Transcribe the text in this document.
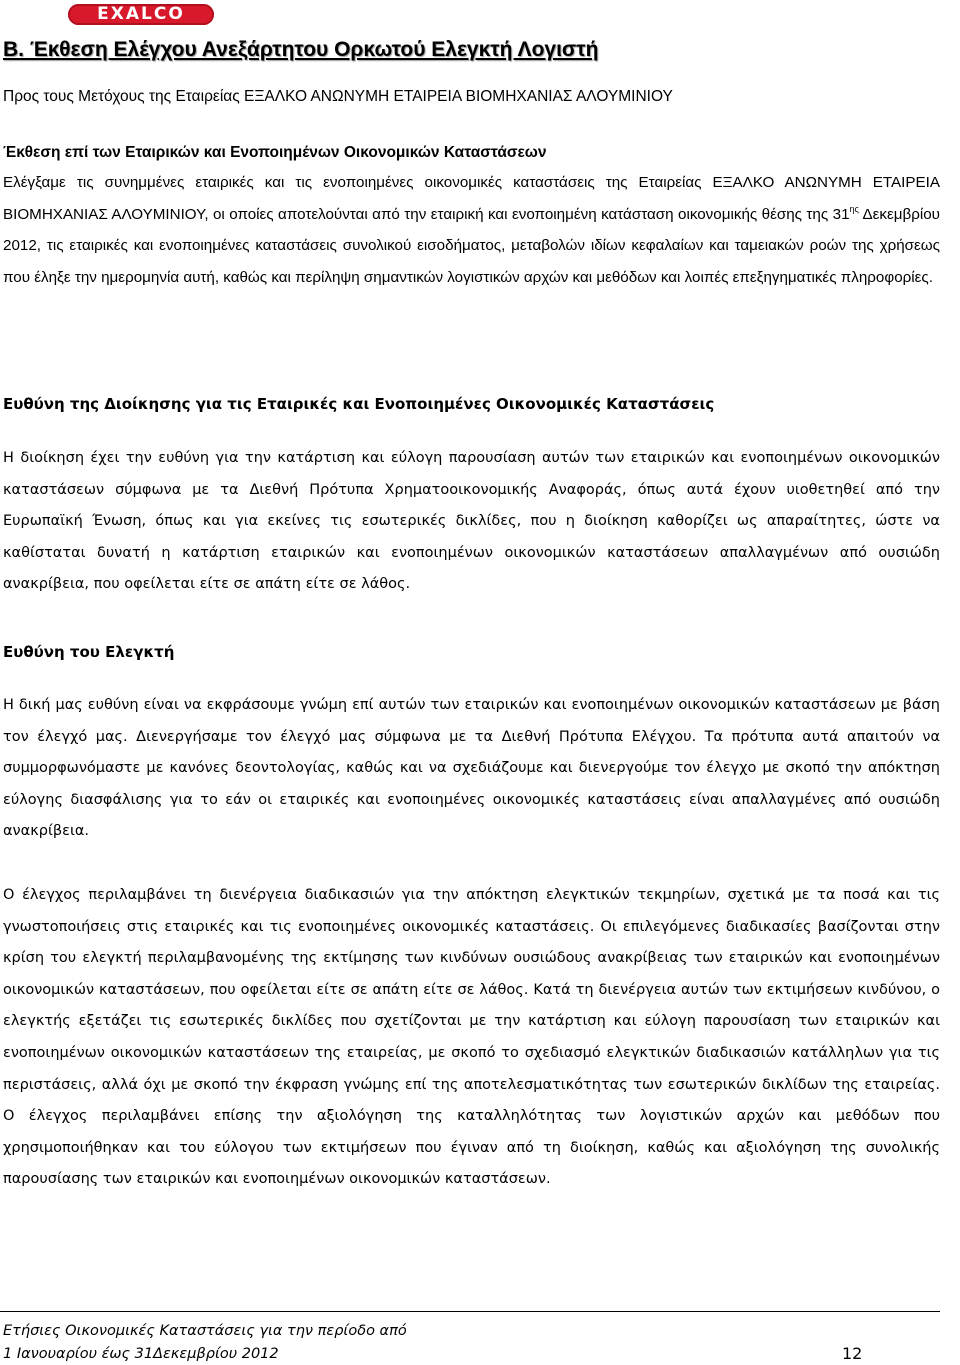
EXALCO
Β. Έκθεση Ελέγχου Ανεξάρτητου Ορκωτού Ελεγκτή Λογιστή

Προς τους Μετόχους της Εταιρείας ΕΞΑΛΚΟ ΑΝΩΝΥΜΗ ΕΤΑΙΡΕΙΑ ΒΙΟΜΗΧΑΝΙΑΣ ΑΛΟΥΜΙΝΙΟΥ

Έκθεση επί των Εταιρικών και Ενοποιημένων Οικονομικών Καταστάσεων

Ελέγξαμε τις συνημμένες εταιρικές και τις ενοποιημένες οικονομικές καταστάσεις της Εταιρείας ΕΞΑΛΚΟ ΑΝΩΝΥΜΗ ΕΤΑΙΡΕΙΑ ΒΙΟΜΗΧΑΝΙΑΣ ΑΛΟΥΜΙΝΙΟΥ, οι οποίες αποτελούνται από την εταιρική και ενοποιημένη κατάσταση οικονομικής θέσης της $31^{\eta\varsigma}$ Δεκεμβρίου 2012, τις εταιρικές και ενοποιημένες καταστάσεις συνολικού εισοδήματος, μεταβολών ιδίων κεφαλαίων και ταμειακών ροών της χρήσεως που έληξε την ημερομηνία αυτή, καθώς και περίληψη σημαντικών λογιστικών αρχών και μεθόδων και λοιπές επεξηγηματικές πληροφορίες.

Ευθύνη της Διοίκησης για τις Εταιρικές και Ενοποιημένες Οικονομικές Καταστάσεις

Η διοίκηση έχει την ευθύνη για την κατάρτιση και εύλογη παρουσίαση αυτών των εταιρικών και ενοποιημένων οικονομικών καταστάσεων σύμφωνα με τα Διεθνή Πρότυπα Χρηματοοικονομικής Αναφοράς, όπως αυτά έχουν υιοθετηθεί από την Ευρωπαϊκή Ένωση, όπως και για εκείνες τις εσωτερικές δικλίδες, που η διοίκηση καθορίζει ως απαραίτητες, ώστε να καθίσταται δυνατή η κατάρτιση εταιρικών και ενοποιημένων οικονομικών καταστάσεων απαλλαγμένων από ουσιώδη ανακρίβεια, που οφείλεται είτε σε απάτη είτε σε λάθος.

Ευθύνη του Ελεγκτή

Η δική μας ευθύνη είναι να εκφράσουμε γνώμη επί αυτών των εταιρικών και ενοποιημένων οικονομικών καταστάσεων με βάση τον έλεγχό μας. Διενεργήσαμε τον έλεγχό μας σύμφωνα με τα Διεθνή Πρότυπα Ελέγχου. Τα πρότυπα αυτά απαιτούν να συμμορφωνόμαστε με κανόνες δεοντολογίας, καθώς και να σχεδιάζουμε και διενεργούμε τον έλεγχο με σκοπό την απόκτηση εύλογης διασφάλισης για το εάν οι εταιρικές και ενοποιημένες οικονομικές καταστάσεις είναι απαλλαγμένες από ουσιώδη ανακρίβεια.

Ο έλεγχος περιλαμβάνει τη διενέργεια διαδικασιών για την απόκτηση ελεγκτικών τεκμηρίων, σχετικά με τα ποσά και τις γνωστοποιήσεις στις εταιρικές και τις ενοποιημένες οικονομικές καταστάσεις. Οι επιλεγόμενες διαδικασίες βασίζονται στην κρίση του ελεγκτή περιλαμβανομένης της εκτίμησης των κινδύνων ουσιώδους ανακρίβειας των εταιρικών και ενοποιημένων οικονομικών καταστάσεων, που οφείλεται είτε σε απάτη είτε σε λάθος. Κατά τη διενέργεια αυτών των εκτιμήσεων κινδύνου, ο ελεγκτής εξετάζει τις εσωτερικές δικλίδες που σχετίζονται με την κατάρτιση και εύλογη παρουσίαση των εταιρικών και ενοποιημένων οικονομικών καταστάσεων της εταιρείας, με σκοπό το σχεδιασμό ελεγκτικών διαδικασιών κατάλληλων για τις περιστάσεις, αλλά όχι με σκοπό την έκφραση γνώμης επί της αποτελεσματικότητας των εσωτερικών δικλίδων της εταιρείας. Ο έλεγχος περιλαμβάνει επίσης την αξιολόγηση της καταλληλότητας των λογιστικών αρχών και μεθόδων που χρησιμοποιήθηκαν και του εύλογου των εκτιμήσεων που έγιναν από τη διοίκηση, καθώς και αξιολόγηση της συνολικής παρουσίασης των εταιρικών και ενοποιημένων οικονομικών καταστάσεων.

Ετήσιες Οικονομικές Καταστάσεις για την περίοδο από

1 Ιανουαρίου έως 31Δεκεμβρίου 2012	12
